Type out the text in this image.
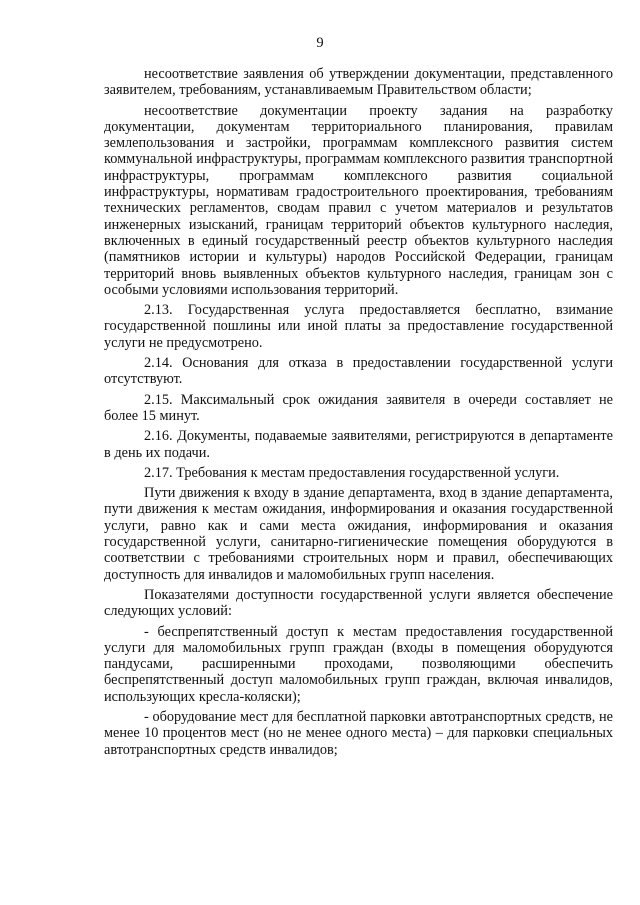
9

несоответствие заявления об утверждении документации, представленного заявителем, требованиям, устанавливаемым Правительством области;

несоответствие документации проекту задания на разработку документации, документам территориального планирования, правилам землепользования и застройки, программам комплексного развития систем коммунальной инфраструктуры, программам комплексного развития транспортной инфраструктуры, программам комплексного развития социальной инфраструктуры, нормативам градостроительного проектирования, требованиям технических регламентов, сводам правил с учетом материалов и результатов инженерных изысканий, границам территорий объектов культурного наследия, включенных в единый государственный реестр объектов культурного наследия (памятников истории и культуры) народов Российской Федерации, границам территорий вновь выявленных объектов культурного наследия, границам зон с особыми условиями использования территорий.

2.13. Государственная услуга предоставляется бесплатно, взимание государственной пошлины или иной платы за предоставление государственной услуги не предусмотрено.

2.14. Основания для отказа в предоставлении государственной услуги отсутствуют.

2.15. Максимальный срок ожидания заявителя в очереди составляет не более 15 минут.

2.16. Документы, подаваемые заявителями, регистрируются в департаменте в день их подачи.

2.17. Требования к местам предоставления государственной услуги.

Пути движения к входу в здание департамента, вход в здание департамента, пути движения к местам ожидания, информирования и оказания государственной услуги, равно как и сами места ожидания, информирования и оказания государственной услуги, санитарно-гигиенические помещения оборудуются в соответствии с требованиями строительных норм и правил, обеспечивающих доступность для инвалидов и маломобильных групп населения.

Показателями доступности государственной услуги является обеспечение следующих условий:

- беспрепятственный доступ к местам предоставления государственной услуги для маломобильных групп граждан (входы в помещения оборудуются пандусами, расширенными проходами, позволяющими обеспечить беспрепятственный доступ маломобильных групп граждан, включая инвалидов, использующих кресла-коляски);

- оборудование мест для бесплатной парковки автотранспортных средств, не менее 10 процентов мест (но не менее одного места) – для парковки специальных автотранспортных средств инвалидов;
